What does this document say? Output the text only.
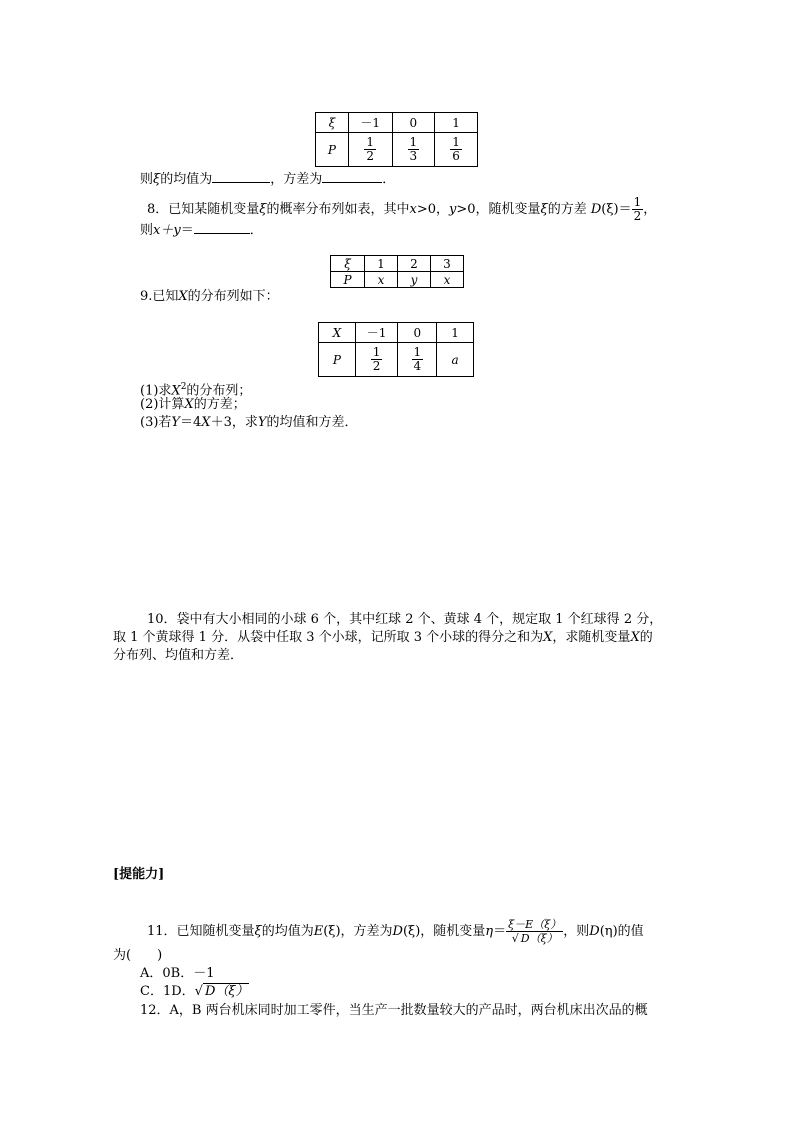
ξ	－1	0	1
P	$\frac{1}{2}$	$\frac{1}{3}$	$\frac{1}{6}$
则ξ的均值为	，方差为	．
8．已知某随机变量ξ的概率分布列如表，其中x>0，y>0，随机变量ξ的方差 $D(\xi)= \frac{1}{2}$ ，
则x＋y＝	．
ξ	1	2	3
P	x	y	x
9.已知X的分布列如下：
X	－1	0	1
P	$\frac{1}{2}$	$\frac{1}{4}$	a
(1)求$X^2$的分布列；
(2)计算X的方差；
(3)若Y＝4X＋3，求Y的均值和方差．
10．袋中有大小相同的小球 6 个，其中红球 2 个、黄球 4 个，规定取 1 个红球得 2 分，
取 1 个黄球得 1 分．从袋中任取 3 个小球，记所取 3 个小球的得分之和为X，求随机变量X的
分布列、均值和方差．
[提能力]
11．已知随机变量ξ的均值为E(ξ)，方差为D(ξ)，随机变量$\eta= \frac{\xi-E(\xi)}{√ D(\xi)}$ ，则D(η)的值
为(　　)
A．0B．－1
C．1D．√ D（ξ）
12．A，B 两台机床同时加工零件，当生产一批数量较大的产品时，两台机床出次品的概
